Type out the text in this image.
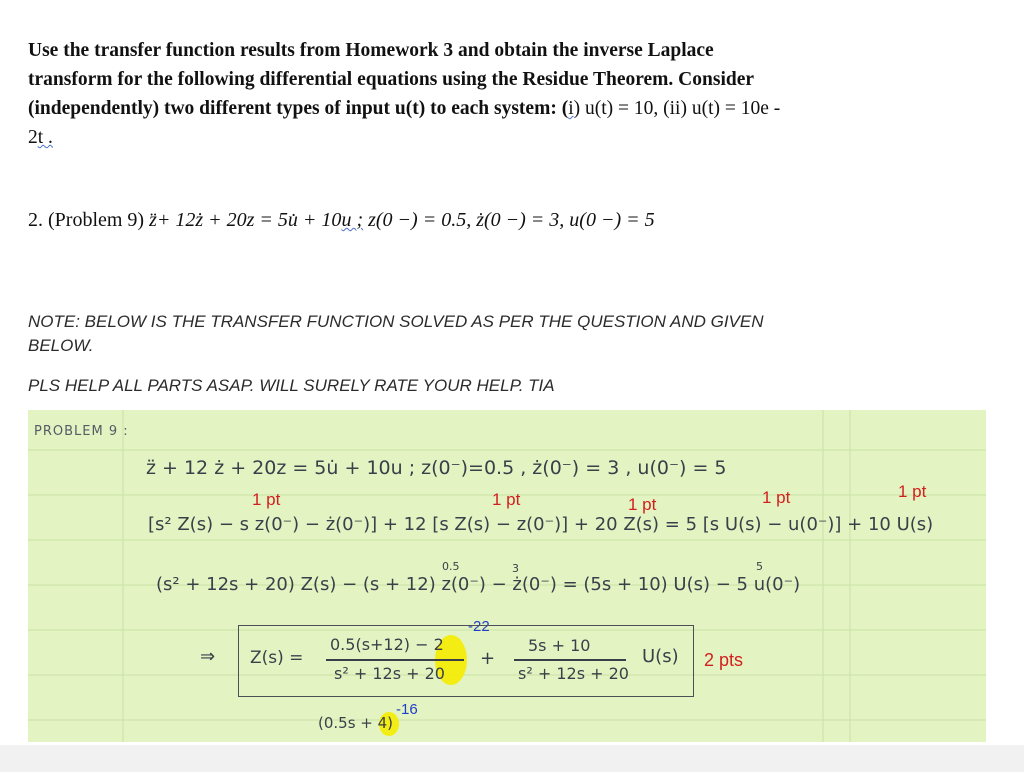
Use the transfer function results from Homework 3 and obtain the inverse Laplace
transform for the following differential equations using the Residue Theorem. Consider
(independently) two different types of input u(t) to each system: (i) u(t) = 10, (ii) u(t) = 10e -
2t .
2. (Problem 9) z̈+ 12ż + 20z = 5u̇ + 10u ; z(0 −) = 0.5, ż(0 −) = 3, u(0 −) = 5
NOTE: BELOW IS THE TRANSFER FUNCTION SOLVED AS PER THE QUESTION AND GIVEN
BELOW.
PLS HELP ALL PARTS ASAP. WILL SURELY RATE YOUR HELP. TIA
PROBLEM 9 :
z̈ + 12 ż + 20z = 5u̇ + 10u ; z(0⁻)=0.5 , ż(0⁻) = 3 , u(0⁻) = 5
1 pt	1 pt	1 pt	1 pt	1 pt
[s² Z(s) − s z(0⁻) − ż(0⁻)] + 12 [s Z(s) − z(0⁻)] + 20 Z(s) = 5 [s U(s) − u(0⁻)] + 10 U(s)
0.5	3	5
(s² + 12s + 20) Z(s) − (s + 12) z(0⁻) − ż(0⁻) = (5s + 10) U(s) − 5 u(0⁻)
-22
⇒ Z(s) =
0.5(s+12) − 2
s² + 12s + 20
+
5s + 10
s² + 12s + 20
U(s) 2 pts
-16
(0.5s + 4)
